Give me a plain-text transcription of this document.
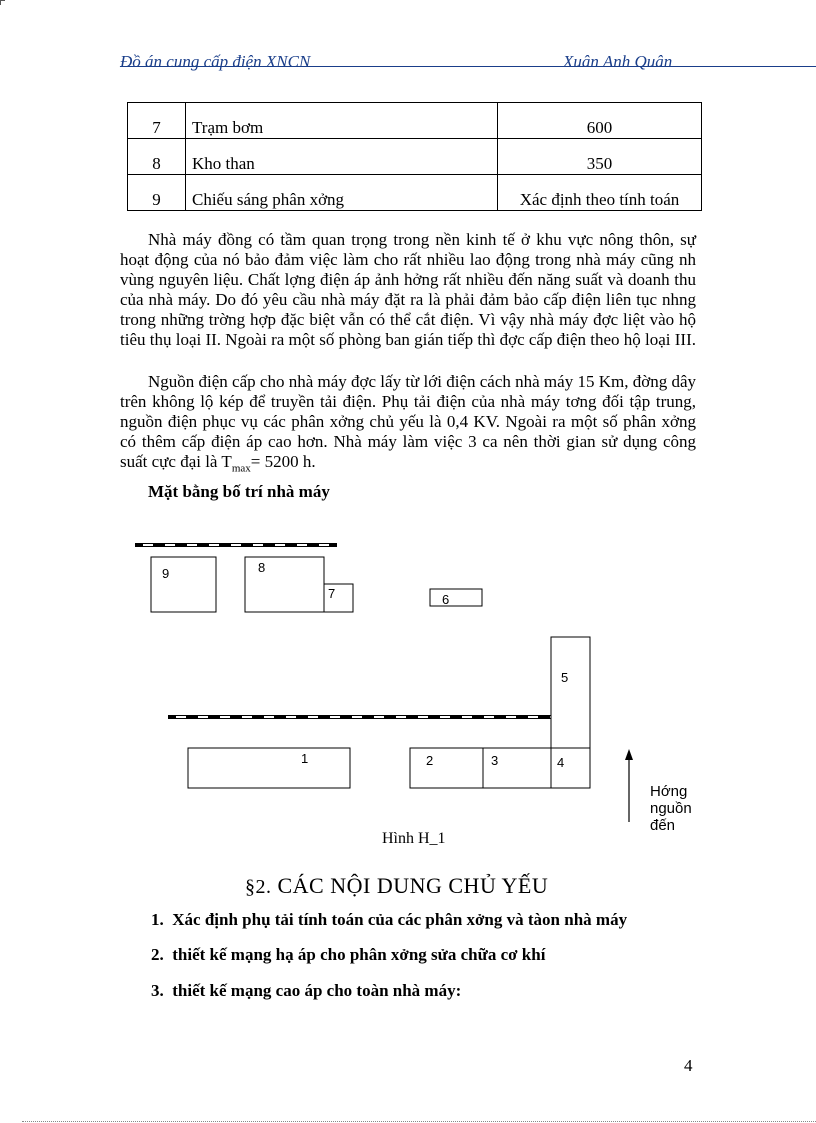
Đồ án cung cấp điện XNCN	Xuân Anh Quân
7	Trạm bơm	600
8	Kho than	350
9	Chiếu sáng phân xởng	Xác định theo tính toán
Nhà máy đồng có tầm quan trọng trong nền kinh tế ở khu vực nông thôn, sự hoạt động của nó bảo đảm việc làm cho rất nhiều lao động trong nhà máy cũng nh vùng nguyên liệu. Chất lợng điện áp ảnh hởng rất nhiều đến năng suất và doanh thu của nhà máy. Do đó yêu cầu nhà máy đặt ra là phải đảm bảo cấp điện liên tục nhng trong những trờng hợp đặc biệt vẫn có thể cắt điện. Vì vậy nhà máy đợc liệt vào hộ tiêu thụ loại II. Ngoài ra một số phòng ban gián tiếp thì đợc cấp điện theo hộ loại III.
Nguồn điện cấp cho nhà máy đợc lấy từ lới điện cách nhà máy 15 Km, đờng dây trên không lộ kép để truyền tải điện. Phụ tải điện của nhà máy tơng đối tập trung, nguồn điện phục vụ các phân xởng chủ yếu là 0,4 KV. Ngoài ra một số phân xởng có thêm cấp điện áp cao hơn. Nhà máy làm việc 3 ca nên thời gian sử dụng công suất cực đại là $T_{max}= 5200$ h.
Mặt bằng bố trí nhà máy
9	8
7	6
5
1	2	3	4
Hớng
nguồn
đến
Hình H_1
§2. CÁC NỘI DUNG CHỦ YẾU
1. Xác định phụ tải tính toán của các phân xởng và tàon nhà máy
2. thiết kế mạng hạ áp cho phân xởng sửa chữa cơ khí
3. thiết kế mạng cao áp cho toàn nhà máy:
4
